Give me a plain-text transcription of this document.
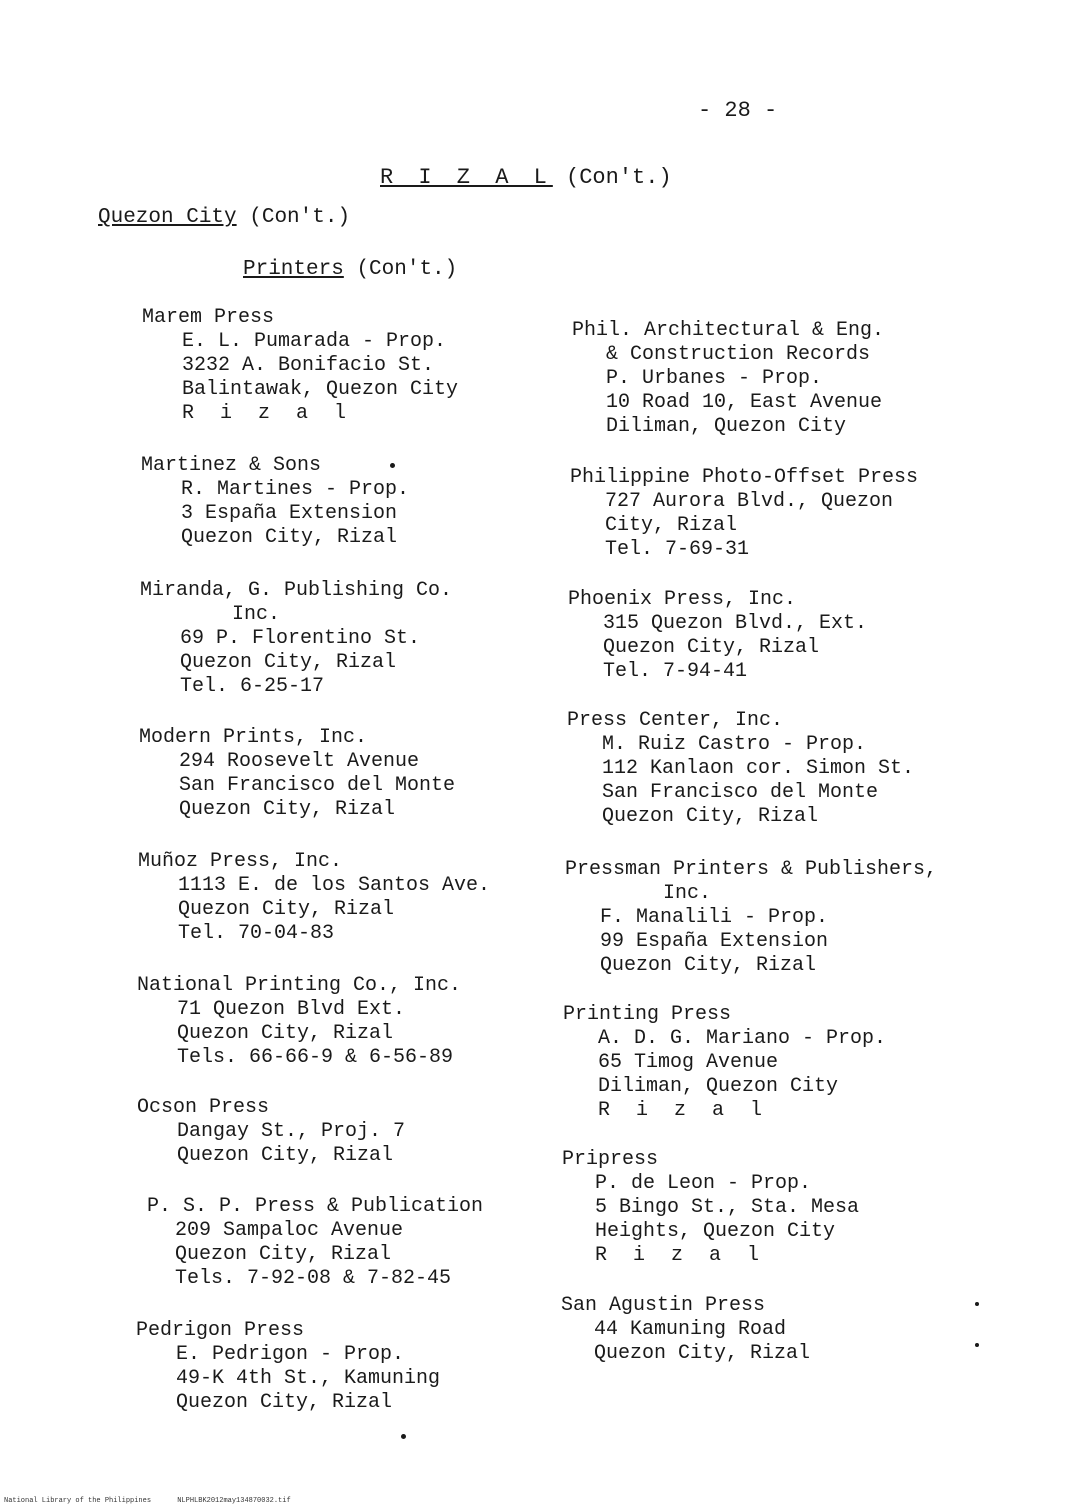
- 28 -
R I Z A L (Con't.)
Quezon City (Con't.)
Printers (Con't.)
Marem Press
E. L. Pumarada - Prop.
3232 A. Bonifacio St.
Balintawak, Quezon City
R i z a l
Martinez & Sons
R. Martines - Prop.
3 España Extension
Quezon City, Rizal
Miranda, G. Publishing Co.
Inc.
69 P. Florentino St.
Quezon City, Rizal
Tel. 6-25-17
Modern Prints, Inc.
294 Roosevelt Avenue
San Francisco del Monte
Quezon City, Rizal
Muñoz Press, Inc.
1113 E. de los Santos Ave.
Quezon City, Rizal
Tel. 70-04-83
National Printing Co., Inc.
71 Quezon Blvd Ext.
Quezon City, Rizal
Tels. 66-66-9 & 6-56-89
Ocson Press
Dangay St., Proj. 7
Quezon City, Rizal
P. S. P. Press & Publication
209 Sampaloc Avenue
Quezon City, Rizal
Tels. 7-92-08 & 7-82-45
Pedrigon Press
E. Pedrigon - Prop.
49-K 4th St., Kamuning
Quezon City, Rizal
Phil. Architectural & Eng.
& Construction Records
P. Urbanes - Prop.
10 Road 10, East Avenue
Diliman, Quezon City
Philippine Photo-Offset Press
727 Aurora Blvd., Quezon
City, Rizal
Tel. 7-69-31
Phoenix Press, Inc.
315 Quezon Blvd., Ext.
Quezon City, Rizal
Tel. 7-94-41
Press Center, Inc.
M. Ruiz Castro - Prop.
112 Kanlaon cor. Simon St.
San Francisco del Monte
Quezon City, Rizal
Pressman Printers & Publishers,
Inc.
F. Manalili - Prop.
99 España Extension
Quezon City, Rizal
Printing Press
A. D. G. Mariano - Prop.
65 Timog Avenue
Diliman, Quezon City
R i z a l
Pripress
P. de Leon - Prop.
5 Bingo St., Sta. Mesa
Heights, Quezon City
R i z a l
San Agustin Press
44 Kamuning Road
Quezon City, Rizal
National Library of the Philippines	NLPHLBK2012may134870032.tif
